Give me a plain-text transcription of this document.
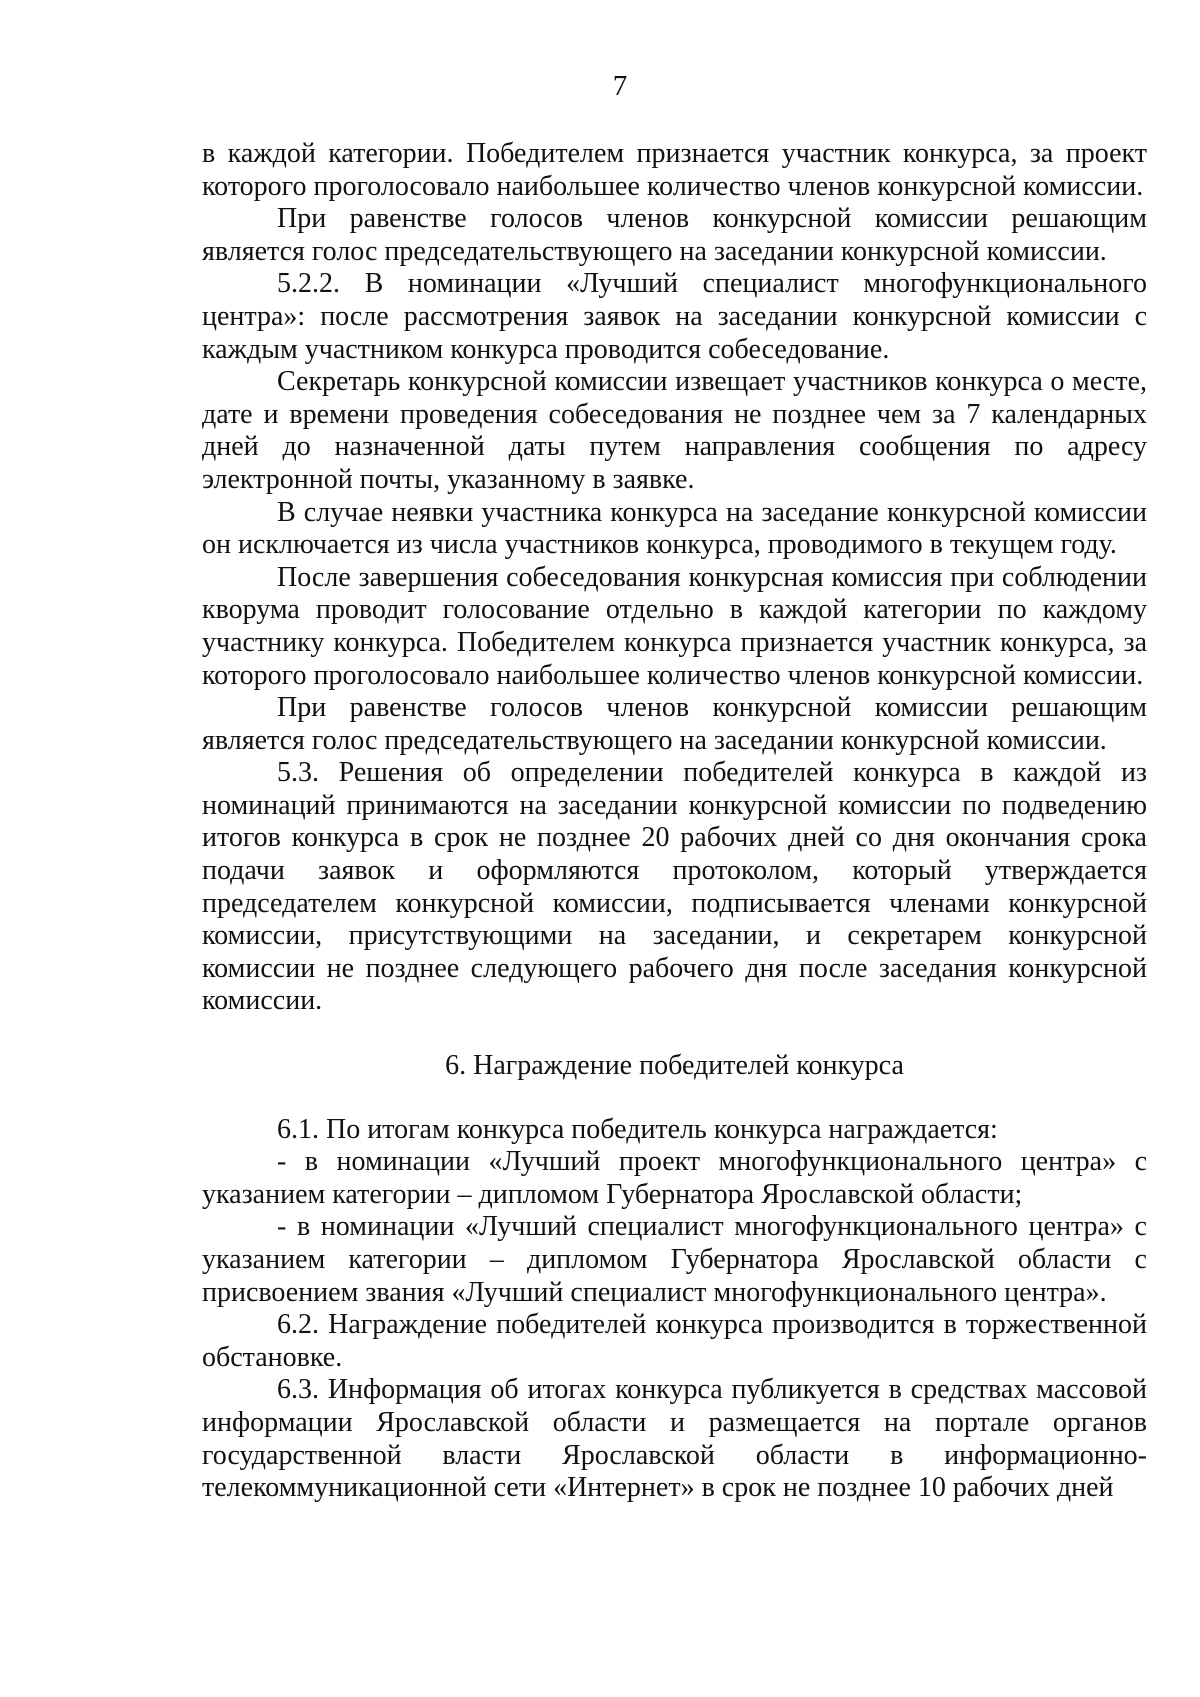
7

в каждой категории. Победителем признается участник конкурса, за проект которого проголосовало наибольшее количество членов конкурсной комиссии.

При равенстве голосов членов конкурсной комиссии решающим является голос председательствующего на заседании конкурсной комиссии.

5.2.2. В номинации «Лучший специалист многофункционального центра»: после рассмотрения заявок на заседании конкурсной комиссии с каждым участником конкурса проводится собеседование.

Секретарь конкурсной комиссии извещает участников конкурса о месте, дате и времени проведения собеседования не позднее чем за 7 календарных дней до назначенной даты путем направления сообщения по адресу электронной почты, указанному в заявке.

В случае неявки участника конкурса на заседание конкурсной комиссии он исключается из числа участников конкурса, проводимого в текущем году.

После завершения собеседования конкурсная комиссия при соблюдении кворума проводит голосование отдельно в каждой категории по каждому участнику конкурса. Победителем конкурса признается участник конкурса, за которого проголосовало наибольшее количество членов конкурсной комиссии.

При равенстве голосов членов конкурсной комиссии решающим является голос председательствующего на заседании конкурсной комиссии.

5.3. Решения об определении победителей конкурса в каждой из номинаций принимаются на заседании конкурсной комиссии по подведению итогов конкурса в срок не позднее 20 рабочих дней со дня окончания срока подачи заявок и оформляются протоколом, который утверждается председателем конкурсной комиссии, подписывается членами конкурсной комиссии, присутствующими на заседании, и секретарем конкурсной комиссии не позднее следующего рабочего дня после заседания конкурсной комиссии.

6. Награждение победителей конкурса

6.1. По итогам конкурса победитель конкурса награждается:

- в номинации «Лучший проект многофункционального центра» с указанием категории – дипломом Губернатора Ярославской области;

- в номинации «Лучший специалист многофункционального центра» с указанием категории – дипломом Губернатора Ярославской области с присвоением звания «Лучший специалист многофункционального центра».

6.2. Награждение победителей конкурса производится в торжественной обстановке.

6.3. Информация об итогах конкурса публикуется в средствах массовой информации Ярославской области и размещается на портале органов государственной власти Ярославской области в информационно-телекоммуникационной сети «Интернет» в срок не позднее 10 рабочих дней
